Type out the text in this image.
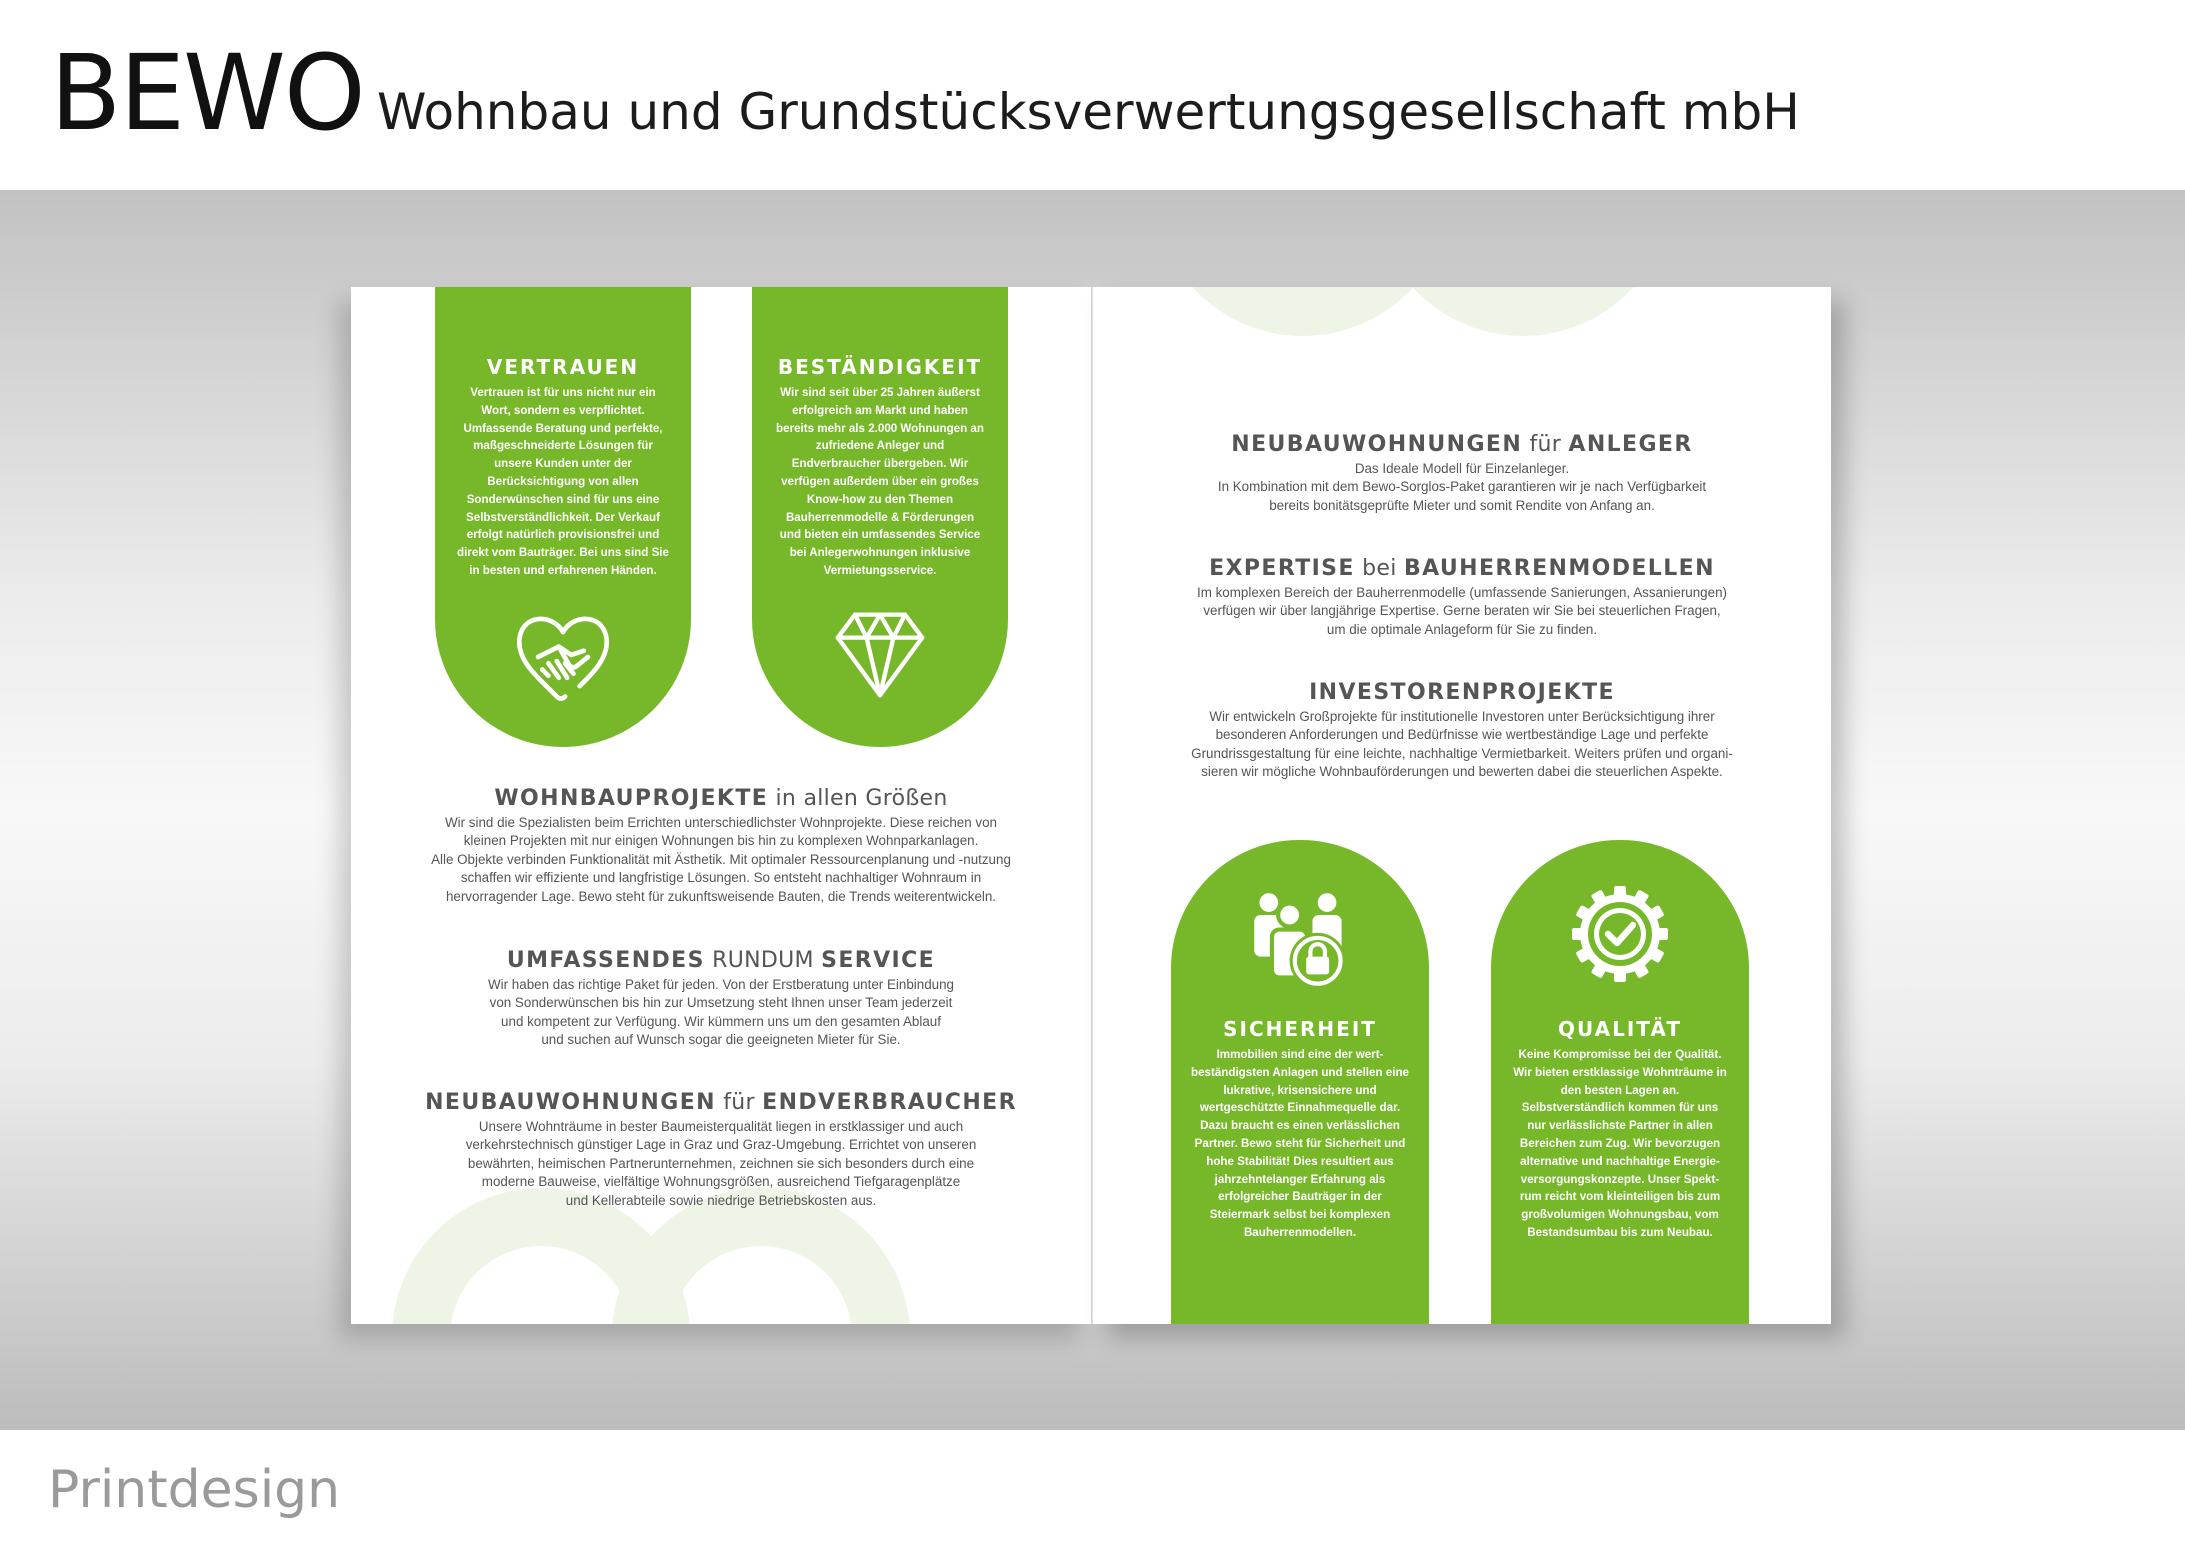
BEWO Wohnbau und Grundstücksverwertungsgesellschaft mbH
VERTRAUEN
Vertrauen ist für uns nicht nur ein Wort, sondern es verpflichtet. Umfassende Beratung und perfekte, maßgeschneiderte Lösungen für unsere Kunden unter der Berücksichtigung von allen Sonderwünschen sind für uns eine Selbstverständlichkeit. Der Verkauf erfolgt natürlich provisionsfrei und direkt vom Bauträger. Bei uns sind Sie in besten und erfahrenen Händen.
BESTÄNDIGKEIT
Wir sind seit über 25 Jahren äußerst erfolgreich am Markt und haben bereits mehr als 2.000 Wohnungen an zufriedene Anleger und Endverbraucher übergeben. Wir verfügen außerdem über ein großes Know-how zu den Themen Bauherrenmodelle & Förderungen und bieten ein umfassendes Service bei Anlegerwohnungen inklusive Vermietungsservice.
WOHNBAUPROJEKTE in allen Größen
Wir sind die Spezialisten beim Errichten unterschiedlichster Wohnprojekte. Diese reichen von
kleinen Projekten mit nur einigen Wohnungen bis hin zu komplexen Wohnparkanlagen.
Alle Objekte verbinden Funktionalität mit Ästhetik. Mit optimaler Ressourcenplanung und -nutzung
schaffen wir effiziente und langfristige Lösungen. So entsteht nachhaltiger Wohnraum in
hervorragender Lage. Bewo steht für zukunftsweisende Bauten, die Trends weiterentwickeln.
UMFASSENDES RUNDUM SERVICE
Wir haben das richtige Paket für jeden. Von der Erstberatung unter Einbindung
von Sonderwünschen bis hin zur Umsetzung steht Ihnen unser Team jederzeit
und kompetent zur Verfügung. Wir kümmern uns um den gesamten Ablauf
und suchen auf Wunsch sogar die geeigneten Mieter für Sie.
NEUBAUWOHNUNGEN für ENDVERBRAUCHER
Unsere Wohnträume in bester Baumeisterqualität liegen in erstklassiger und auch
verkehrstechnisch günstiger Lage in Graz und Graz-Umgebung. Errichtet von unseren
bewährten, heimischen Partnerunternehmen, zeichnen sie sich besonders durch eine
moderne Bauweise, vielfältige Wohnungsgrößen, ausreichend Tiefgaragenplätze
und Kellerabteile sowie niedrige Betriebskosten aus.
NEUBAUWOHNUNGEN für ANLEGER
Das Ideale Modell für Einzelanleger.
In Kombination mit dem Bewo-Sorglos-Paket garantieren wir je nach Verfügbarkeit
bereits bonitätsgeprüfte Mieter und somit Rendite von Anfang an.
EXPERTISE bei BAUHERRENMODELLEN
Im komplexen Bereich der Bauherrenmodelle (umfassende Sanierungen, Assanierungen)
verfügen wir über langjährige Expertise. Gerne beraten wir Sie bei steuerlichen Fragen,
um die optimale Anlageform für Sie zu finden.
INVESTORENPROJEKTE
Wir entwickeln Großprojekte für institutionelle Investoren unter Berücksichtigung ihrer
besonderen Anforderungen und Bedürfnisse wie wertbeständige Lage und perfekte
Grundrissgestaltung für eine leichte, nachhaltige Vermietbarkeit. Weiters prüfen und organi-
sieren wir mögliche Wohnbauförderungen und bewerten dabei die steuerlichen Aspekte.
SICHERHEIT
Immobilien sind eine der wert-beständigsten Anlagen und stellen eine lukrative, krisensichere und wertgeschützte Einnahmequelle dar. Dazu braucht es einen verlässlichen Partner. Bewo steht für Sicherheit und hohe Stabilität! Dies resultiert aus jahrzehntelanger Erfahrung als erfolgreicher Bauträger in der Steiermark selbst bei komplexen Bauherrenmodellen.
QUALITÄT
Keine Kompromisse bei der Qualität. Wir bieten erstklassige Wohnträume in den besten Lagen an. Selbstverständlich kommen für uns nur verlässlichste Partner in allen Bereichen zum Zug. Wir bevorzugen alternative und nachhaltige Energie-versorgungskonzepte. Unser Spekt-rum reicht vom kleinteiligen bis zum großvolumigen Wohnungsbau, vom Bestandsumbau bis zum Neubau.
Printdesign
